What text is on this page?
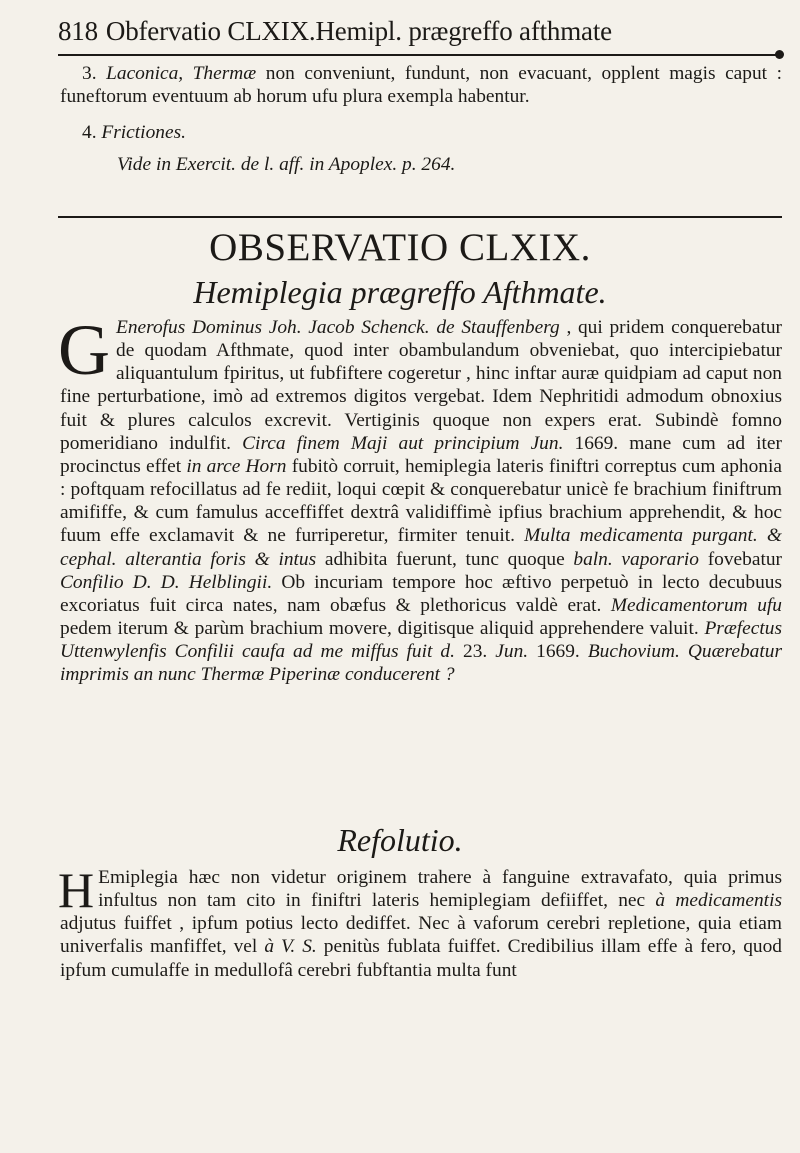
818 Obfervatio CLXIX.Hemipl. prægreffo afthmate

3. Laconica, Thermæ non conveniunt, fundunt, non evacuant, opplent magis caput : funeftorum eventuum ab horum ufu plura exempla habentur.

4. Frictiones.

Vide in Exercit. de l. aff. in Apoplex. p. 264.

OBSERVATIO CLXIX.
Hemiplegia prægreffo Afthmate.
G Enerofus Dominus Joh. Jacob Schenck. de Stauffenberg , qui pridem conquerebatur de quodam Afthmate, quod inter obambulandum obveniebat, quo intercipiebatur aliquantulum fpiritus, ut fubfiftere cogeretur , hinc inftar auræ quidpiam ad caput non fine perturbatione, imò ad extremos digitos vergebat. Idem Nephritidi admodum obnoxius fuit & plures calculos excrevit. Vertiginis quoque non expers erat. Subindè fomno pomeridiano indulfit. Circa finem Maji aut principium Jun. 1669. mane cum ad iter procinctus effet in arce Horn fubitò corruit, hemiplegia lateris finiftri correptus cum aphonia : poftquam refocillatus ad fe rediit, loqui cœpit & conquerebatur unicè fe brachium finiftrum amififfe, & cum famulus acceffiffet dextrâ validiffimè ipfius brachium apprehendit, & hoc fuum effe exclamavit & ne furriperetur, firmiter tenuit. Multa medicamenta purgant. & cephal. alterantia foris & intus adhibita fuerunt, tunc quoque baln. vaporario fovebatur Confilio D. D. Helblingii. Ob incuriam tempore hoc æftivo perpetuò in lecto decubuus excoriatus fuit circa nates, nam obæfus & plethoricus valdè erat. Medicamentorum ufu pedem iterum & parùm brachium movere, digitisque aliquid apprehendere valuit. Præfectus Uttenwylenfis Confilii caufa ad me miffus fuit d. 23. Jun. 1669. Buchovium. Quærebatur imprimis an nunc Thermæ Piperinæ conducerent ?

Refolutio.
H Emiplegia hæc non videtur originem trahere à fanguine extravafato, quia primus infultus non tam cito in finiftri lateris hemiplegiam defiiffet, nec à medicamentis adjutus fuiffet , ipfum potius lecto dediffet. Nec à vaforum cerebri repletione, quia etiam univerfalis manfiffet, vel à V. S. penitùs fublata fuiffet. Credibilius illam effe à fero, quod ipfum cumulaffe in medullofâ cerebri fubftantia multa funt
